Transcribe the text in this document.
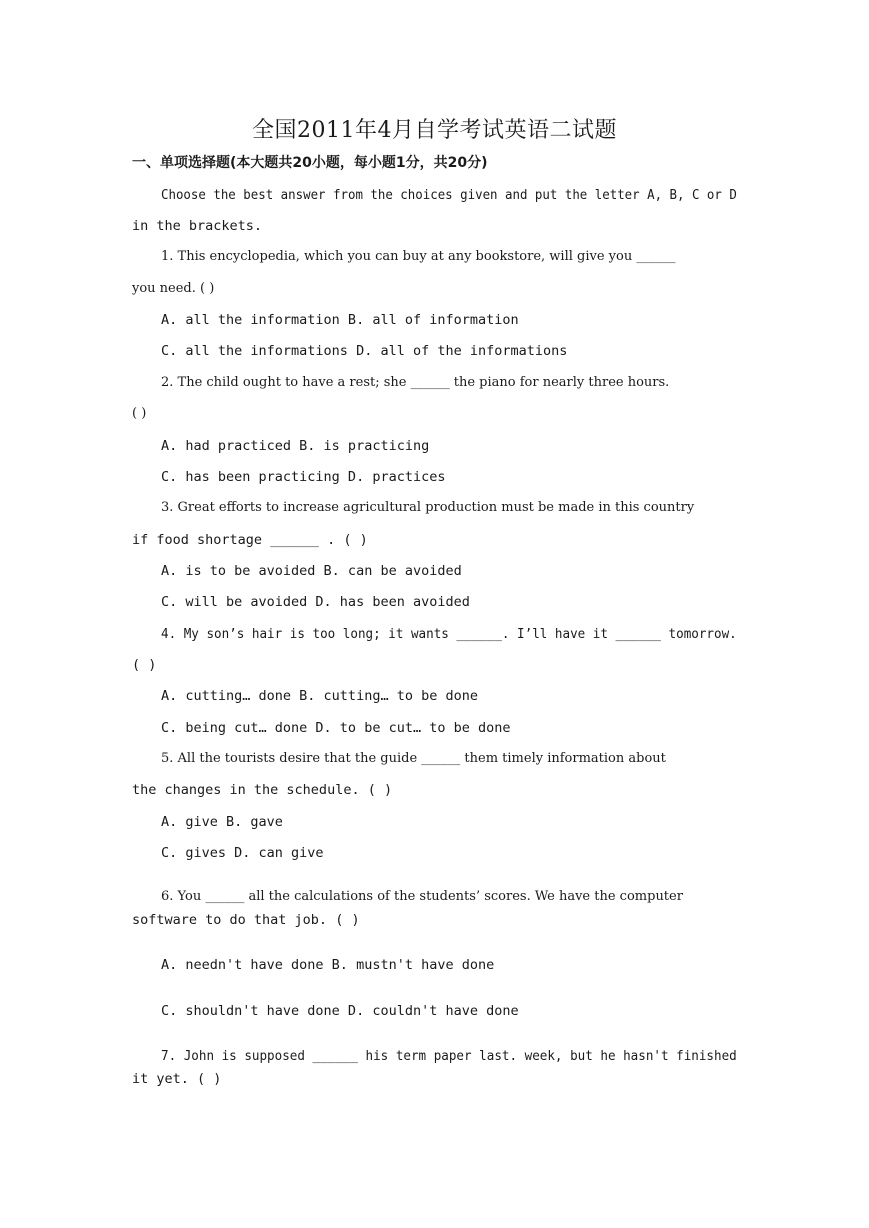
全国2011年4月自学考试英语二试题
一、单项选择题(本大题共20小题，每小题1分，共20分)
Choose the best answer from the choices given and put the letter A, B, C or D
in the brackets.
1. This encyclopedia, which you can buy at any bookstore, will give you ______
you need. ( )
A. all the information B. all of information
C. all the informations D. all of the informations
2. The child ought to have a rest; she ______ the piano for nearly three hours.
( )
A. had practiced B. is practicing
C. has been practicing D. practices
3. Great efforts to increase agricultural production must be made in this country
if food shortage ______ . ( )
A. is to be avoided B. can be avoided
C. will be avoided D. has been avoided
4. My son’s hair is too long; it wants ______. I’ll have it ______ tomorrow.
( )
A. cutting… done B. cutting… to be done
C. being cut… done D. to be cut… to be done
5. All the tourists desire that the guide ______ them timely information about
the changes in the schedule. ( )
A. give B. gave
C. gives D. can give
6. You ______ all the calculations of the students’ scores. We have the computer
software to do that job. ( )
A. needn't have done B. mustn't have done
C. shouldn't have done D. couldn't have done
7. John is supposed ______ his term paper last. week, but he hasn't finished
it yet. ( )
